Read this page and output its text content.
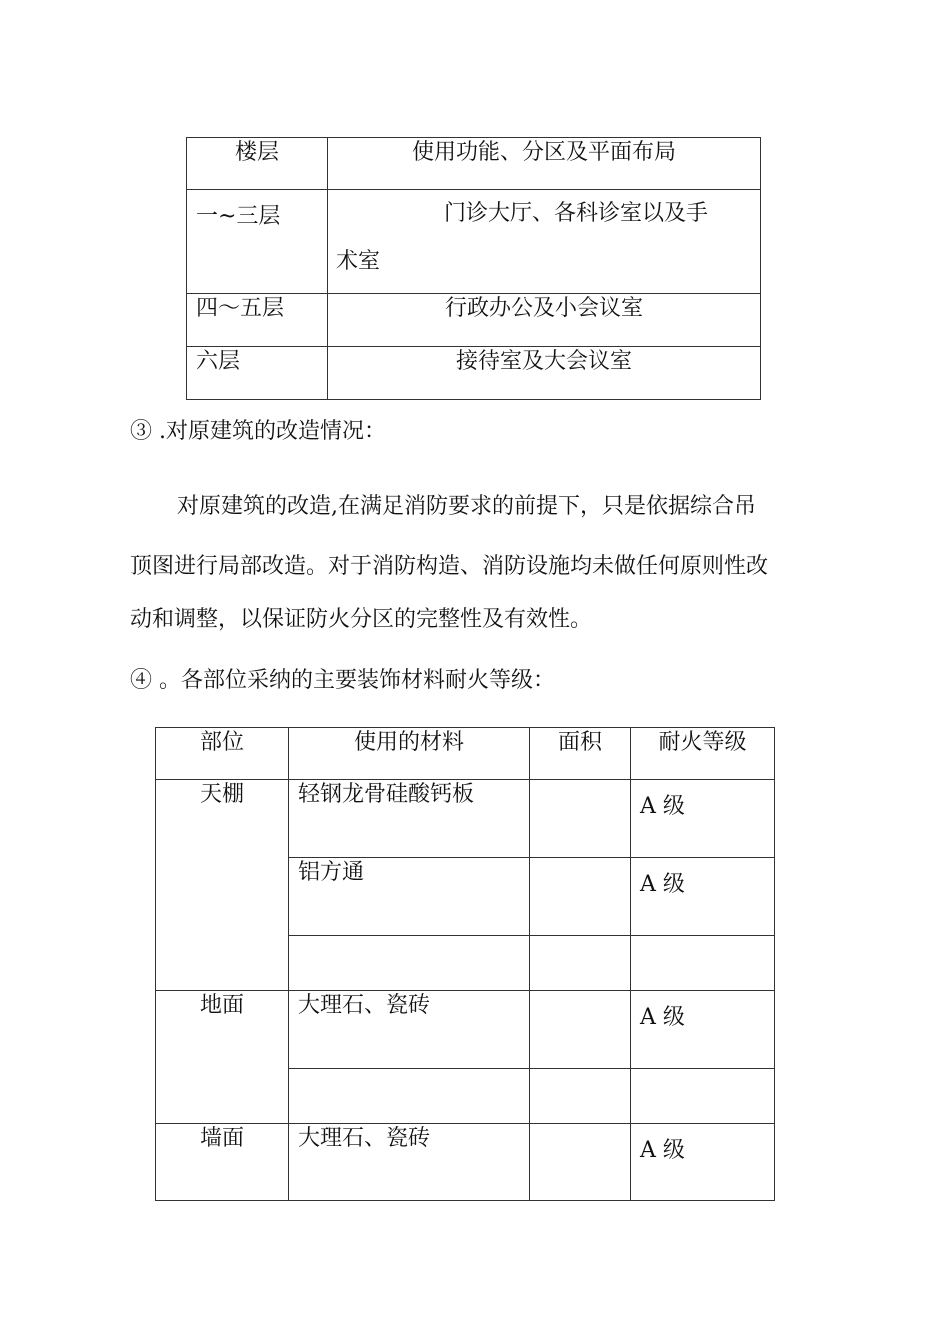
楼层	使用功能、分区及平面布局
一~三层	门诊大厅、各科诊室以及手
术室

四～五层	行政办公及小会议室
六层	接待室及大会议室

③ .对原建筑的改造情况：

对原建筑的改造,在满足消防要求的前提下，只是依据综合吊

顶图进行局部改造。对于消防构造、消防设施均未做任何原则性改

动和调整，以保证防火分区的完整性及有效性。

④ 。各部位采纳的主要装饰材料耐火等级：

部位	使用的材料	面积	耐火等级
天棚	轻钢龙骨硅酸钙板		A 级
	铝方通		A 级

地面	大理石、瓷砖		A 级

墙面	大理石、瓷砖		A 级
